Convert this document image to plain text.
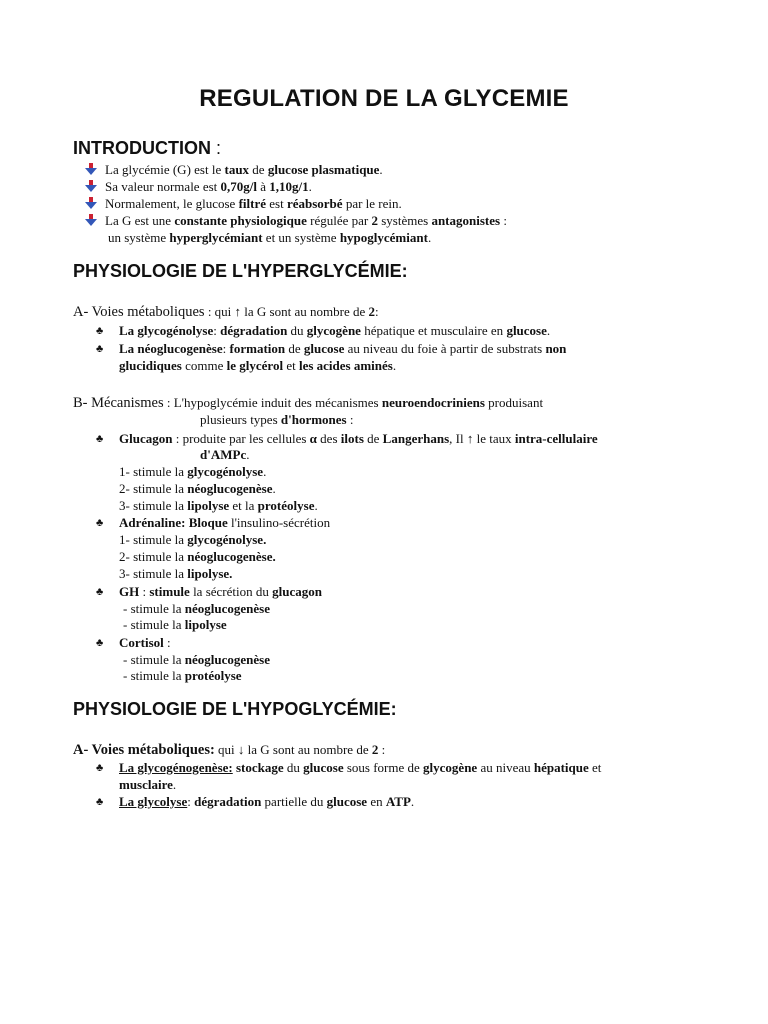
REGULATION DE LA GLYCEMIE
INTRODUCTION :
La glycémie (G) est le taux de glucose plasmatique.
Sa valeur normale est 0,70g/l à 1,10g/1.
Normalement, le glucose filtré est réabsorbé par le rein.
La G est une constante physiologique régulée par 2 systèmes antagonistes :
un système hyperglycémiant et un système hypoglycémiant.
PHYSIOLOGIE DE L'HYPERGLYCÉMIE:
A- Voies métaboliques : qui ↑ la G sont au nombre de 2:
♣ La glycogénolyse: dégradation du glycogène hépatique et musculaire en glucose.
♣ La néoglucogenèse: formation de glucose au niveau du foie à partir de substrats non
glucidiques comme le glycérol et les acides aminés.
B- Mécanismes : L'hypoglycémie induit des mécanismes neuroendocriniens produisant
plusieurs types d'hormones :
♣ Glucagon : produite par les cellules α des ilots de Langerhans, Il ↑ le taux intra-cellulaire
d'AMPc.
1- stimule la glycogénolyse.
2- stimule la néoglucogenèse.
3- stimule la lipolyse et la protéolyse.
♣ Adrénaline: Bloque l'insulino-sécrétion
1- stimule la glycogénolyse.
2- stimule la néoglucogenèse.
3- stimule la lipolyse.
♣ GH : stimule la sécrétion du glucagon
- stimule la néoglucogenèse
- stimule la lipolyse
♣ Cortisol :
- stimule la néoglucogenèse
- stimule la protéolyse
PHYSIOLOGIE DE L'HYPOGLYCÉMIE:
A- Voies métaboliques: qui ↓ la G sont au nombre de 2 :
♣ La glycogénogenèse: stockage du glucose sous forme de glycogène au niveau hépatique et
musclaire.
♣ La glycolyse: dégradation partielle du glucose en ATP.
